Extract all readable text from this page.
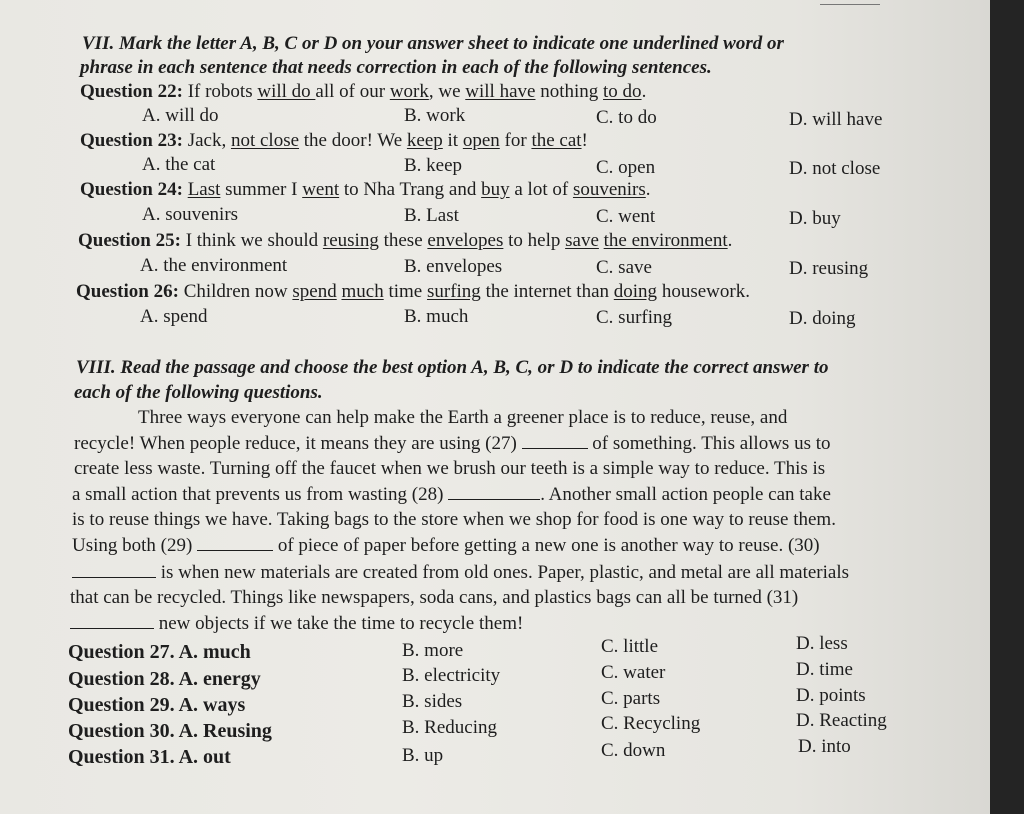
VII. Mark the letter A, B, C or D on your answer sheet to indicate one underlined word or
phrase in each sentence that needs correction in each of the following sentences.
Question 22: If robots will do all of our work, we will have nothing to do.
A. will do	B. work	C. to do	D. will have
Question 23: Jack, not close the door! We keep it open for the cat!
A. the cat	B. keep	C. open	D. not close
Question 24: Last summer I went to Nha Trang and buy a lot of souvenirs.
A. souvenirs	B. Last	C. went	D. buy
Question 25: I think we should reusing these envelopes to help save the environment.
A. the environment	B. envelopes	C. save	D. reusing
Question 26: Children now spend much time surfing the internet than doing housework.
A. spend	B. much	C. surfing	D. doing
VIII. Read the passage and choose the best option A, B, C, or D to indicate the correct answer to
each of the following questions.
Three ways everyone can help make the Earth a greener place is to reduce, reuse, and
recycle! When people reduce, it means they are using (27)	of something. This allows us to
create less waste. Turning off the faucet when we brush our teeth is a simple way to reduce. This is
a small action that prevents us from wasting (28)	. Another small action people can take
is to reuse things we have. Taking bags to the store when we shop for food is one way to reuse them.
Using both (29)	of piece of paper before getting a new one is another way to reuse. (30)
is when new materials are created from old ones. Paper, plastic, and metal are all materials
that can be recycled. Things like newspapers, soda cans, and plastics bags can all be turned (31)
new objects if we take the time to recycle them!
Question 27. A. much	B. more	C. little	D. less
Question 28. A. energy	B. electricity	C. water	D. time
Question 29. A. ways	B. sides	C. parts	D. points
Question 30. A. Reusing	B. Reducing	C. Recycling	D. Reacting
Question 31. A. out	B. up	C. down	D. into
